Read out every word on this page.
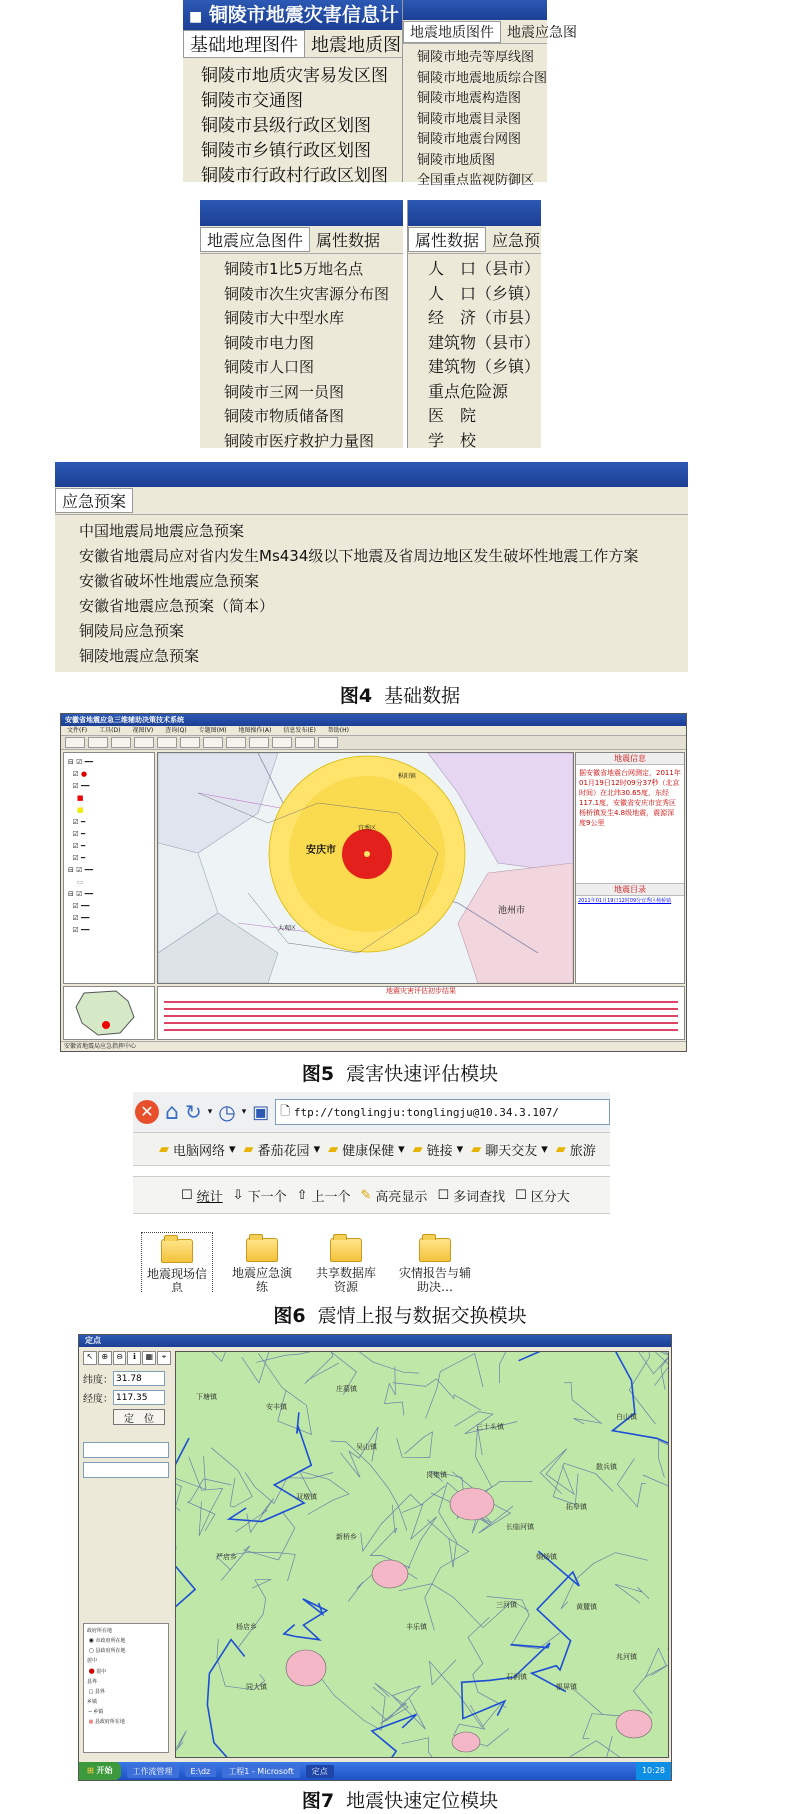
■ 铜陵市地震灾害信息计
基础地理图件 地震地质图
铜陵市地质灾害易发区图
铜陵市交通图
铜陵市县级行政区划图
铜陵市乡镇行政区划图
铜陵市行政村行政区划图
地震地质图件 地震应急图
铜陵市地壳等厚线图
铜陵市地震地质综合图
铜陵市地震构造图
铜陵市地震目录图
铜陵市地震台网图
铜陵市地质图
全国重点监视防御区
地震应急图件 属性数据
铜陵市1比5万地名点
铜陵市次生灾害源分布图
铜陵市大中型水库
铜陵市电力图
铜陵市人口图
铜陵市三网一员图
铜陵市物质储备图
铜陵市医疗救护力量图
属性数据 应急预
人　口（县市）
人　口（乡镇）
经　济（市县）
建筑物（县市）
建筑物（乡镇）
重点危险源
医　院
学　校
应急预案
中国地震局地震应急预案
安徽省地震局应对省内发生Ms434级以下地震及省周边地区发生破坏性地震工作方案
安徽省破坏性地震应急预案
安徽省地震应急预案（简本）
铜陵局应急预案
铜陵地震应急预案
图4 基础数据
安徽省地震应急三维辅助决策技术系统
文件(F)	工具(D)	视图(V)	查询(Q)	专题图(M)	地图操作(A)	信息发布(E)	帮助(H)
⊟ ☑ ━━
☑ ●
☑ ━━
■
■
☑ ━
☑ ━
☑ ━
☑ ━
⊟ ☑ ━━
▭
⊟ ☑ ━━
☑ ━━
☑ ━━
☑ ━━
安庆市
池州市
枞阳镇
宜秀区
大观区
地震信息
据安徽省地震台网测定，2011年01月19日12时09分37秒（北京时间）在北纬30.65度，东经117.1度，安徽省安庆市宜秀区杨桥镇发生4.8级地震，震源深度9公里
地震目录
2011年01月19日12时09分宜秀区杨桥镇
地震灾害评估初步结果
安徽省地震局应急指挥中心
图5 震害快速评估模块
✕ ⌂ ↻ ▾ ◷ ▾ ▣ 🗋 ftp://tonglingju:tonglingju@10.34.3.107/
▰ 电脑网络 ▾ ▰ 番茄花园 ▾ ▰ 健康保健 ▾ ▰ 链接 ▾ ▰ 聊天交友 ▾ ▰ 旅游
☐ 统计 ⇩ 下一个 ⇧ 上一个 ✎ 高亮显示 ☐ 多词查找 ☐ 区分大
地震现场信息
地震应急演练
共享数据库资源
灾情报告与辅助决…
图6 震情上报与数据交换模块
定点
↖	⊕	⊖	ℹ	▦	⌖
纬度：
31.78
经度：
117.35
定　位
政府所在地
◉ 市政府所在地
○ 县政府所在地
震中
● 震中
县界
□ 县界
乡镇
─ 乡镇
■ 县政府所在地
下塘镇
安丰镇
庄墓镇
岗集镇
吴山镇
双墩镇
三河镇
丰乐镇
拓皋镇
散兵镇
长临河镇
烔炀镇
白山镇
黄麓镇
三十头镇
兆河镇
严店乡
同大镇
石涧镇
银屏镇
新桥乡
杨店乡
⊞ 开始	工作流管理	E:\dz	工程1 - Microsoft	定点	10:28
图7 地震快速定位模块
